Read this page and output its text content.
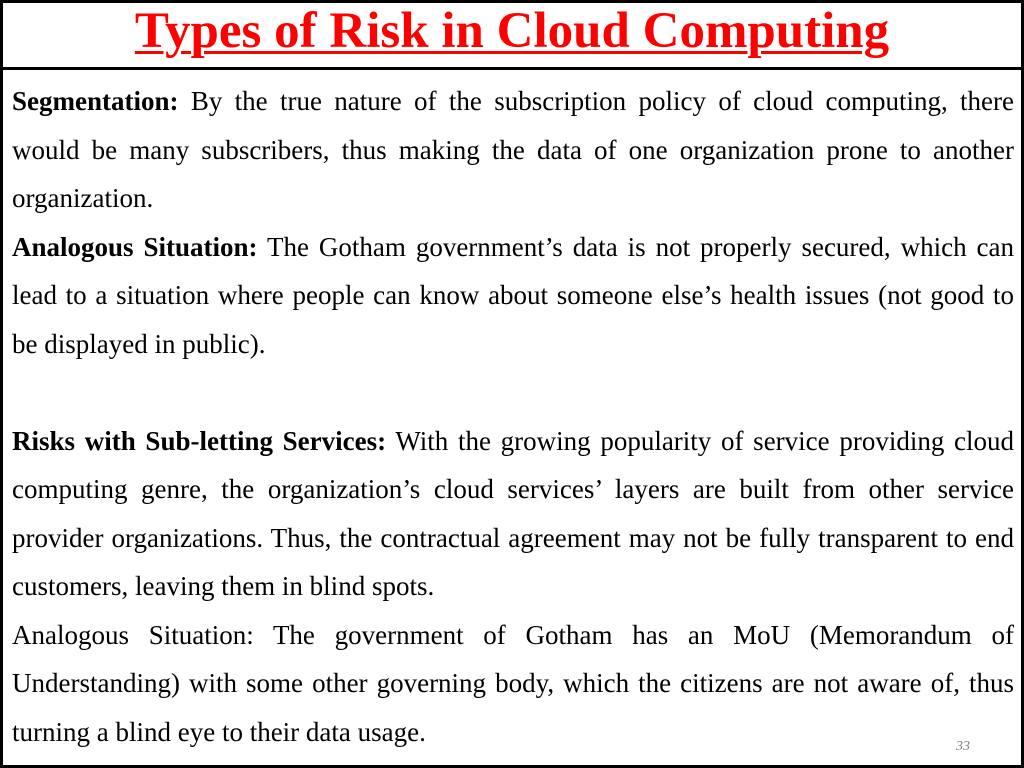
Types of Risk in Cloud Computing

Segmentation: By the true nature of the subscription policy of cloud computing, there would be many subscribers, thus making the data of one organization prone to another organization.

Analogous Situation: The Gotham government’s data is not properly secured, which can lead to a situation where people can know about someone else’s health issues (not good to be displayed in public).

Risks with Sub-letting Services: With the growing popularity of service providing cloud computing genre, the organization’s cloud services’ layers are built from other service provider organizations. Thus, the contractual agreement may not be fully transparent to end customers, leaving them in blind spots.

Analogous Situation: The government of Gotham has an MoU (Memorandum of Understanding) with some other governing body, which the citizens are not aware of, thus turning a blind eye to their data usage.	33
